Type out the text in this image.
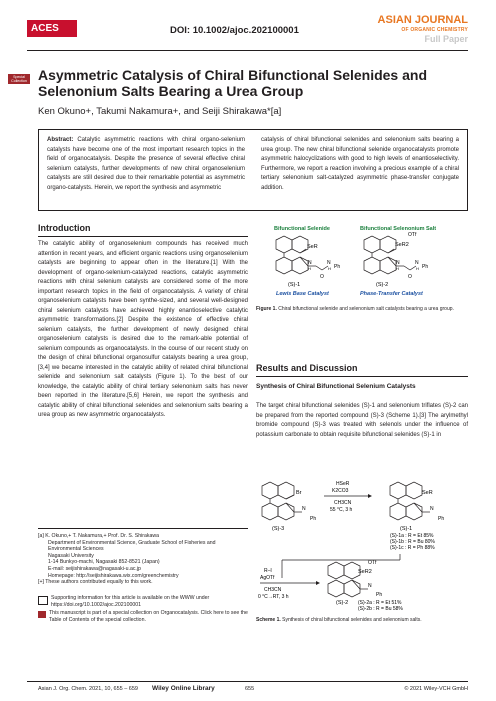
ACESAsian Chemical Society
DOI: 10.1002/ajoc.202100001
ASIAN JOURNAL
OF ORGANIC CHEMISTRY
Full Paper
Special Collection Asymmetric Catalysis of Chiral Bifunctional Selenides and Selenonium Salts Bearing a Urea Group
Ken Okuno+, Takumi Nakamura+, and Seiji Shirakawa*[a]
Abstract: Catalytic asymmetric reactions with chiral organo-selenium catalysts have become one of the most important research topics in the field of organocatalysis. Despite the presence of several effective chiral selenium catalysts, further developments of new chiral organoselenium catalysts are still desired due to their remarkable potential as asymmetric organo-catalysts. Herein, we report the synthesis and asymmetric
catalysis of chiral bifunctional selenides and selenonium salts bearing a urea group. The new chiral bifunctional selenide organocatalysts promote asymmetric halocyclizations with good to high levels of enantioselectivity. Furthermore, we report a reaction involving a precious example of a chiral tertiary selenonium salt-catalyzed asymmetric phase-transfer conjugate addition.
Introduction
The catalytic ability of organoselenium compounds has received much attention in recent years, and efficient organic reactions using organoselenium catalysts are beginning to appear often in the literature.[1] With the development of organo-selenium-catalyzed reactions, catalytic asymmetric reactions with chiral selenium catalysts are considered some of the more important research topics in the field of organocatalysis. A variety of chiral organoselenium catalysts have been synthe-sized, and several well-designed chiral selenium catalysts have achieved highly enantioselective catalytic asymmetric transformations.[2] Despite the existence of effective chiral selenium catalysts, the further development of newly designed chiral organoselenium catalysts is desired due to the remark-able potential of selenium compounds as organocatalysts. In the course of our recent study on the design of chiral bifunctional organosulfur catalysts bearing a urea group,[3,4] we became interested in the catalytic ability of related chiral bifunctional selenide and selenonium salt catalysts (Figure 1). To the best of our knowledge, the catalytic ability of chiral tertiary selenonium salts has never been reported in the literature.[5,6] Herein, we report the synthesis and catalytic ability of chiral bifunctional selenides and selenonium salts bearing a urea group as new asymmetric organocatalysts.
Bifunctional Selenide	Bifunctional Selenonium Salt
SeR
N
H
O
N
H Ph
(S)-1
Lewis Base Catalyst
OTf
SeR2
N
H
O
N
H Ph
(S)-2
Phase-Transfer Catalyst
Figure 1. Chiral bifunctional selenide and selenonium salt catalysts bearing a urea group.
Results and Discussion
Synthesis of Chiral Bifunctional Selenium Catalysts
The target chiral bifunctional selenides (S)-1 and selenonium triflates (S)-2 can be prepared from the reported compound (S)-3 (Scheme 1).[3] The arylmethyl bromide compound (S)-3 was treated with selenols under the influence of potassium carbonate to obtain requisite bifunctional selenides (S)-1 in
Br
N
Ph
(S)-3
HSeR
K2CO3
CH3CN
55 °C, 3 h
SeR
N
Ph
(S)-1
(S)-1a : R = Et 85%
(S)-1b : R = Bu 80%
(S)-1c : R = Ph 88%
R–I
AgOTf
CH3CN
0 °C→RT, 3 h
OTf
SeR2
N
Ph
(S)-2 (S)-2a : R = Et 51%
(S)-2b : R = Bu 58%
Scheme 1. Synthesis of chiral bifunctional selenides and selenonium salts.
[a] K. Okuno,+ T. Nakamura,+ Prof. Dr. S. Shirakawa
Department of Environmental Science, Graduate School of Fisheries and
Environmental Sciences
Nagasaki University
1-14 Bunkyo-machi, Nagasaki 852-8521 (Japan)
E-mail: seijishirakawa@nagasaki-u.ac.jp
Homepage: http://seijishirakawa.wix.com/greenchemistry
[+] These authors contributed equally to this work.
Supporting information for this article is available on the WWW under https://doi.org/10.1002/ajoc.202100001
This manuscript is part of a special collection on Organocatalysis. Click here to see the Table of Contents of the special collection.
Asian J. Org. Chem. 2021, 10, 655 – 659 Wiley Online Library	655	© 2021 Wiley-VCH GmbH
